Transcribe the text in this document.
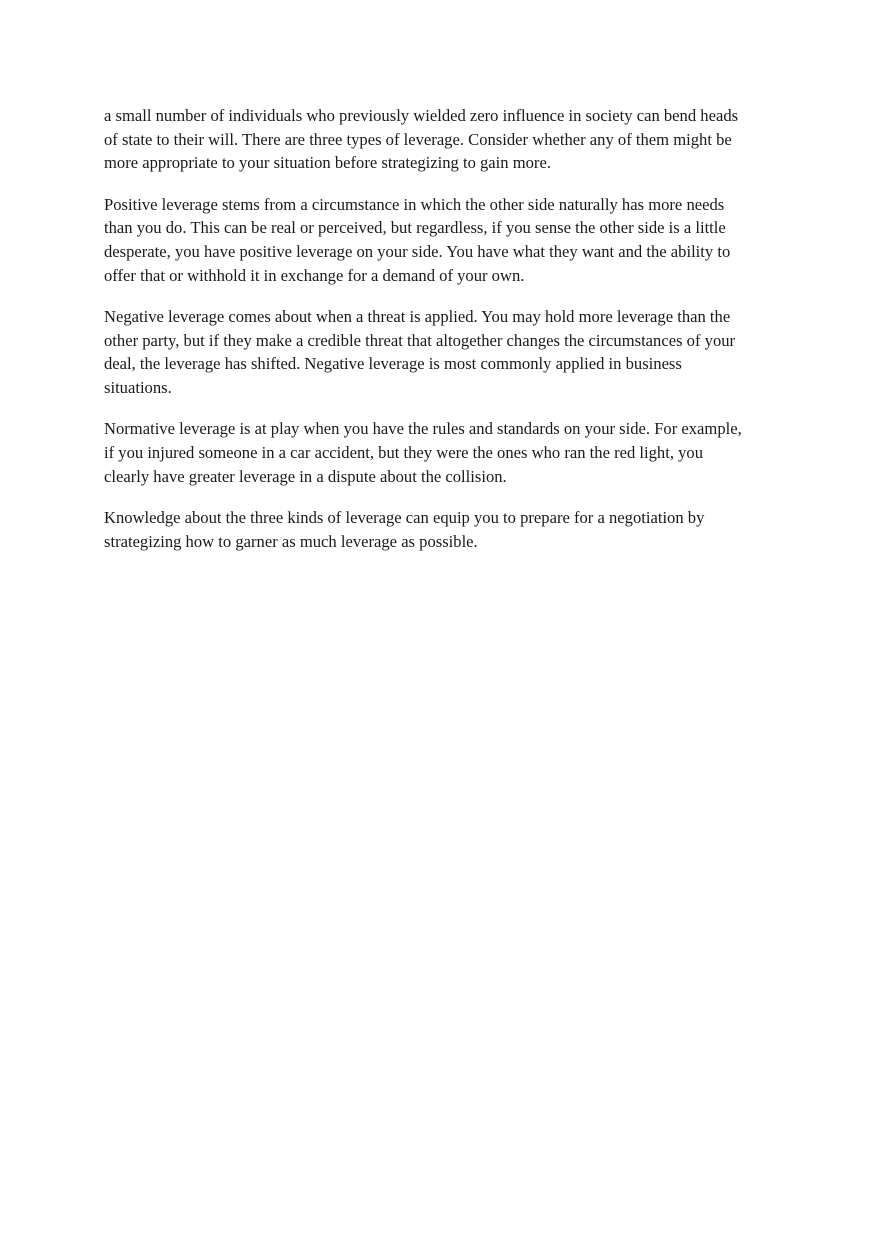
a small number of individuals who previously wielded zero influence in society can bend heads of state to their will. There are three types of leverage. Consider whether any of them might be more appropriate to your situation before strategizing to gain more.

Positive leverage stems from a circumstance in which the other side naturally has more needs than you do. This can be real or perceived, but regardless, if you sense the other side is a little desperate, you have positive leverage on your side. You have what they want and the ability to offer that or withhold it in exchange for a demand of your own.

Negative leverage comes about when a threat is applied. You may hold more leverage than the other party, but if they make a credible threat that altogether changes the circumstances of your deal, the leverage has shifted. Negative leverage is most commonly applied in business situations.

Normative leverage is at play when you have the rules and standards on your side. For example, if you injured someone in a car accident, but they were the ones who ran the red light, you clearly have greater leverage in a dispute about the collision.

Knowledge about the three kinds of leverage can equip you to prepare for a negotiation by strategizing how to garner as much leverage as possible.
